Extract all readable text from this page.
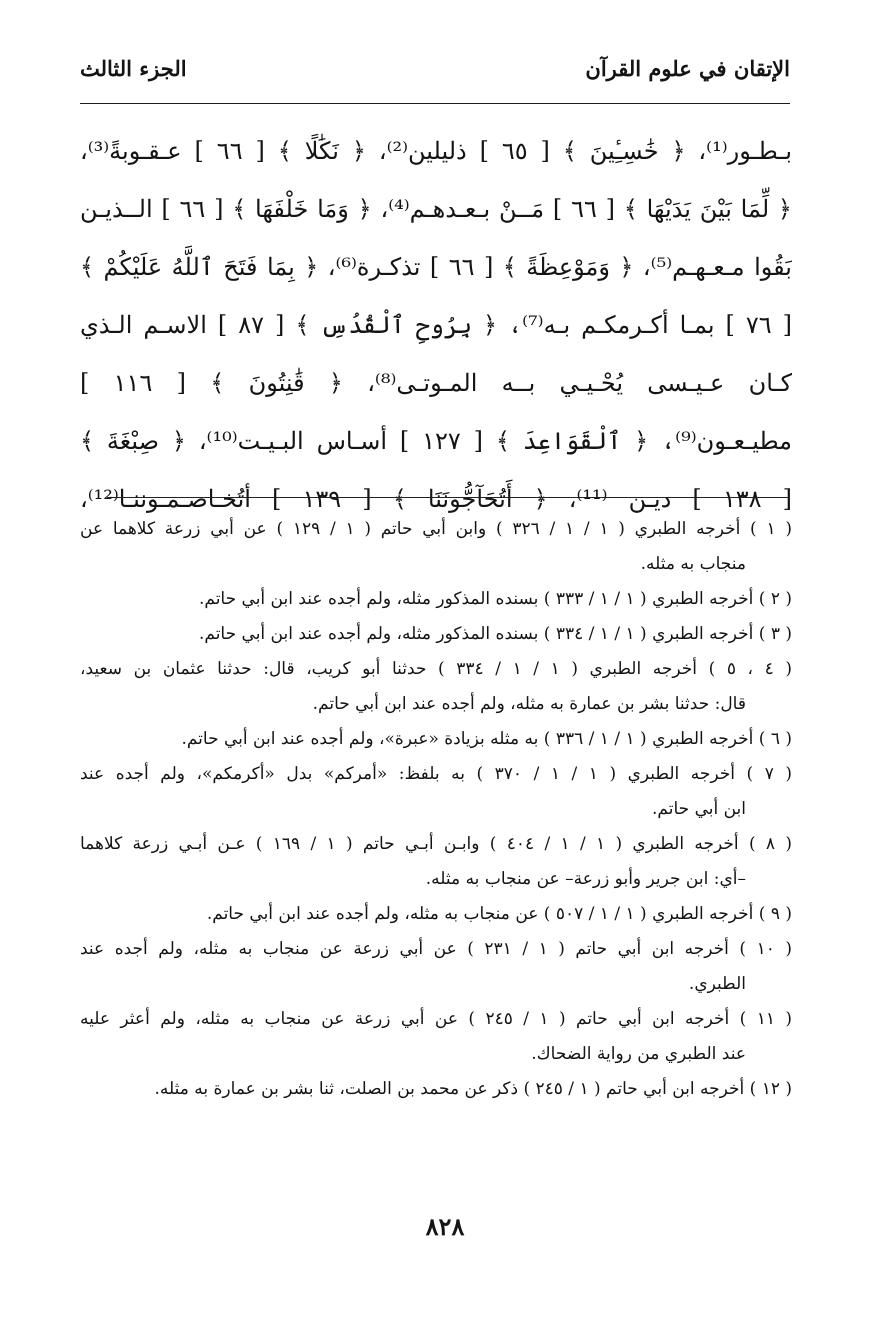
الإتقان في علوم القرآن
الجزء الثالث
بـطـور⁽¹⁾، ﴿ خَٰسِـِٔينَ ﴾ [ ٦٥ ] ذليلين⁽²⁾، ﴿ نَكَٰلًا ﴾ [ ٦٦ ] عـقـوبةً⁽³⁾،
﴿ لِّمَا بَيْنَ يَدَيْهَا ﴾ [ ٦٦ ] مَــنْ بـعـدهـم⁽⁴⁾، ﴿ وَمَا خَلْفَهَا ﴾ [ ٦٦ ] الــذيـن
بَقُوا مـعـهـم⁽⁵⁾، ﴿ وَمَوْعِظَةً ﴾ [ ٦٦ ] تذكـرة⁽⁶⁾، ﴿ بِمَا فَتَحَ ٱللَّهُ عَلَيْكُمْ ﴾
[ ٧٦ ] بمـا أكـرمكـم بـه⁽⁷⁾، ﴿ بِرُوحِ ٱلْقُدُسِ ﴾ [ ٨٧ ] الاسـم الـذي
كـان عـيـسى يُحْـيـي بــه المـوتـى⁽⁸⁾، ﴿ قَٰنِتُونَ ﴾ [ ١١٦ ]
مطيـعـون⁽⁹⁾، ﴿ ٱلْقَوَاعِدَ ﴾ [ ١٢٧ ] أسـاس البـيـت⁽¹⁰⁾، ﴿ صِبْغَةَ ﴾
[ ١٣٨ ] ديـن ⁽¹¹⁾، ﴿ أَتُحَآجُّونَنَا ﴾ [ ١٣٩ ] أتُخـاصـمـوننـا⁽¹²⁾،
( ١ ) أخرجه الطبري ( ١ / ١ / ٣٢٦ ) وابن أبي حاتم ( ١ / ١٢٩ ) عن أبي زرعة كلاهما عن
منجاب به مثله.
( ٢ ) أخرجه الطبري ( ١ / ١ / ٣٣٣ ) بسنده المذكور مثله، ولم أجده عند ابن أبي حاتم.
( ٣ ) أخرجه الطبري ( ١ / ١ / ٣٣٤ ) بسنده المذكور مثله، ولم أجده عند ابن أبي حاتم.
( ٤ ، ٥ ) أخرجه الطبري ( ١ / ١ / ٣٣٤ ) حدثنا أبو كريب، قال: حدثنا عثمان بن سعيد،
قال: حدثنا بشر بن عمارة به مثله، ولم أجده عند ابن أبي حاتم.
( ٦ ) أخرجه الطبري ( ١ / ١ / ٣٣٦ ) به مثله بزيادة «عبرة»، ولم أجده عند ابن أبي حاتم.
( ٧ ) أخرجه الطبري ( ١ / ١ / ٣٧٠ ) به بلفظ: «أمركم» بدل «أكرمكم»، ولم أجده عند
ابن أبي حاتم.
( ٨ ) أخرجه الطبري ( ١ / ١ / ٤٠٤ ) وابـن أبـي حاتم ( ١ / ١٦٩ ) عـن أبـي زرعة كلاهما
–أي: ابن جرير وأبو زرعة– عن منجاب به مثله.
( ٩ ) أخرجه الطبري ( ١ / ١ / ٥٠٧ ) عن منجاب به مثله، ولم أجده عند ابن أبي حاتم.
( ١٠ ) أخرجه ابن أبي حاتم ( ١ / ٢٣١ ) عن أبي زرعة عن منجاب به مثله، ولم أجده عند
الطبري.
( ١١ ) أخرجه ابن أبي حاتم ( ١ / ٢٤٥ ) عن أبي زرعة عن منجاب به مثله، ولم أعثر عليه
عند الطبري من رواية الضحاك.
( ١٢ ) أخرجه ابن أبي حاتم ( ١ / ٢٤٥ ) ذكر عن محمد بن الصلت، ثنا بشر بن عمارة به مثله.
٨٢٨
